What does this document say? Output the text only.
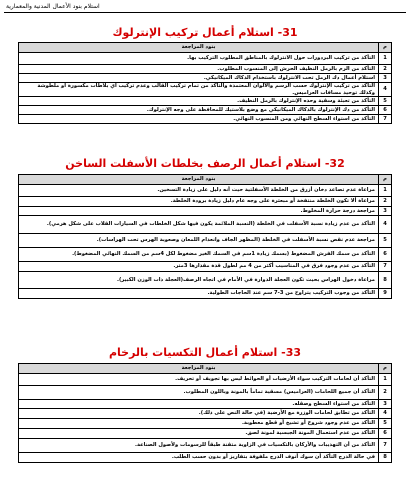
استلام بنود الأعمال المدنية والمعمارية
31- استلام أعمال تركيب الإنترلوك
م	بنود المراجعة
1	التأكد من تركيب البردورات حول الانترلوك بالمناطق المطلوب التركيب بها.
2	التأكد من الرم بالرمل النظيف الحرش إلى المنسوب المطلوب.
3	استلام أعمال دك الرمل تحت الانترلوك باستخدام الدكاك الميكانيكي.
4	التأكد من تركيب الإنترلوك حسب الرسم والألوان المعتمدة والتأكد من تمام تركيب القالب وعدم تركيب أي بلاطات مكسورة أو ملطوشة وكذلك توحيد مسافات العراميس.
5	التأكد من تعبئة وسقية وحده الإنترلوك بالرمل النظيف.
6	التأكد من دك الإنترلوك بالدكاك الميكانيكي مع وضع بلاستيك للمحافظة على وجه الإنترلوك.
7	التأكد من استواء السطح النهائي ومن المنسوب النهائي.
32- استلام أعمال الرصف بخلطات الأسفلت الساخن
م	بنود المراجعة
1	مراعاة عدم تصاعد دخان أزرق من الخلطة الأسفلتية حيث أنه دليل على زيادة التسخين.
2	مراعاة ألا تكون الخلطة منتفخة أو مبعثرة على وجه عام دليل زيادة برودة الخلطة.
3	مراجعة درجة حرارة المخلوط.
4	التأكد من عدم زيادة نسبة الأسفلت في الخلطة (النسبة الملائمة يكون فيها شكل الخلطات في السيارات القلاب على شكل هرمي).
5	مراجعة عدم نقص نسبة الأسفلت في الخلطة (المظهر الجاف وانعدام اللمعان وصعوبة الهرس تحت الهراسات).
6	التأكد من سمك الفرش المضغوط (بسمك زيادة 1سم في السمك الغير مضغوط لكل 4سم من السمك النهائي المضغوط).
7	التأكد من عدم وجود فرق في المناسيب أكثر من 4 مم لطول قدة مقدارها 3متر.
8	مراعاة دخول الهراس بحيث تكون العجلة الدوارة في الأمام في اتجاه الرصف(العجلة ذات الوزن الكبير).
9	التأكد من وجوب التركيب يتراوح من 3-7 سم عند الحاجات الطولية.
33- استلام أعمال التكسيات بالرخام
م	بنود المراجعة
1	التأكد أن لحامات التركيب سواء الأرضيات أو الحوائط ليس بها تجويف أو تحريف.
2	التأكد أن جميع اللحامات (العراميس) مسقية تماماً بالمونة وباللون المطلوب.
3	التأكد من استواء السطح وصقله.
4	التأكد من تطابق لحامات الوزرة مع الأرضية (في حالة النص على ذلك).
5	التأكد من عدم وجود شروخ أو تشيخ أو قطع معطوبة.
6	التأكد من عدم استعمال المونة الجبسية لمونة لصق.
7	التأكد من أن التهذيبات والأركان بالتكسيات في الزاوية متقنة طبقاً للرسومات ولأصول الصناعة.
8	في حالة الدرج التأكد أن سوك أنوف الدرج ملفوفة بتفاريز أو بدون حسب الطلب.
